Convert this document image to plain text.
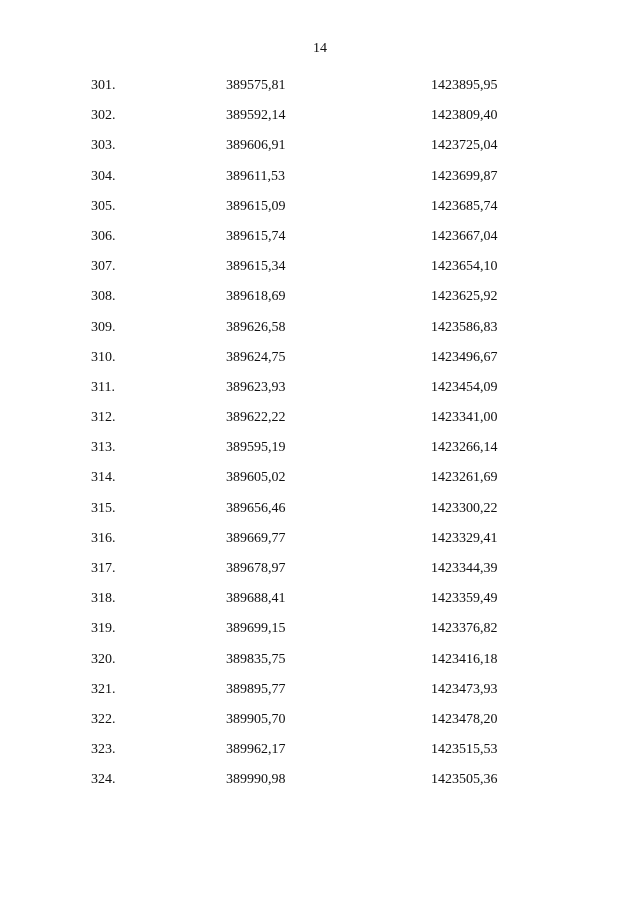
14
301.	389575,81	1423895,95
302.	389592,14	1423809,40
303.	389606,91	1423725,04
304.	389611,53	1423699,87
305.	389615,09	1423685,74
306.	389615,74	1423667,04
307.	389615,34	1423654,10
308.	389618,69	1423625,92
309.	389626,58	1423586,83
310.	389624,75	1423496,67
311.	389623,93	1423454,09
312.	389622,22	1423341,00
313.	389595,19	1423266,14
314.	389605,02	1423261,69
315.	389656,46	1423300,22
316.	389669,77	1423329,41
317.	389678,97	1423344,39
318.	389688,41	1423359,49
319.	389699,15	1423376,82
320.	389835,75	1423416,18
321.	389895,77	1423473,93
322.	389905,70	1423478,20
323.	389962,17	1423515,53
324.	389990,98	1423505,36
